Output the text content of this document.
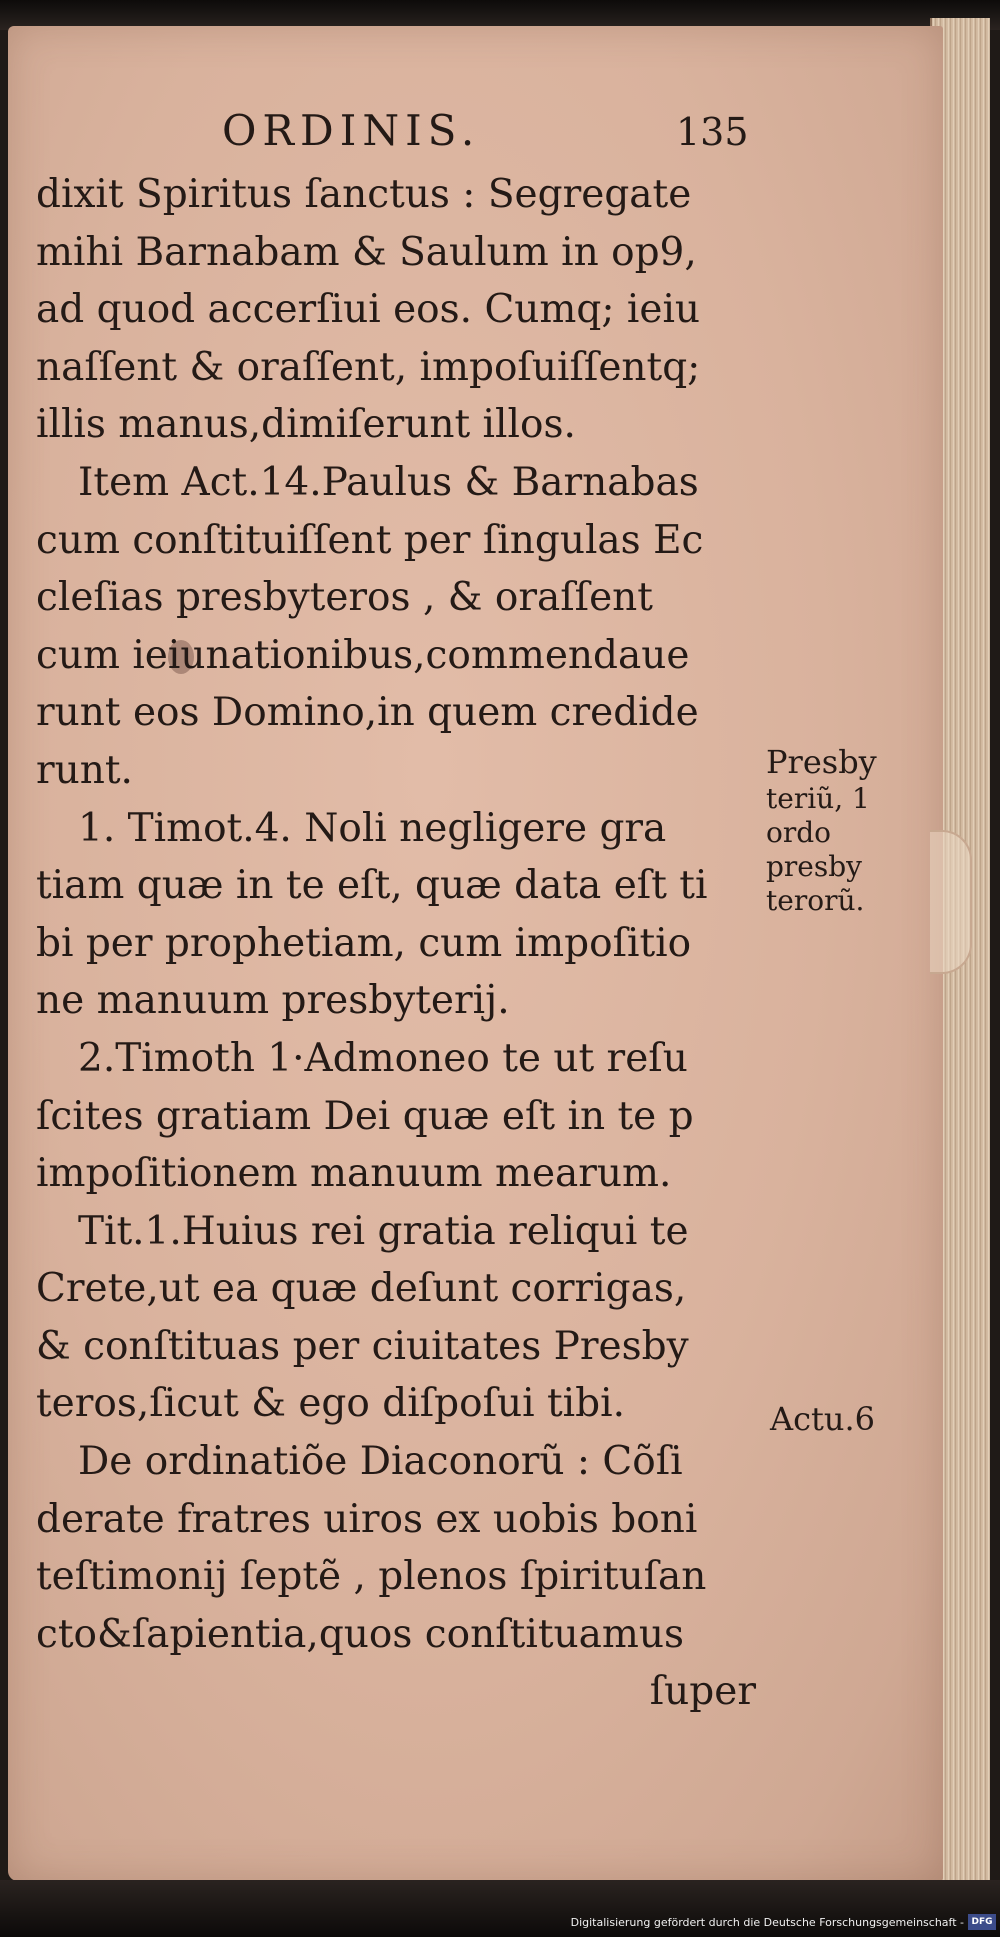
ORDINIS.	135
dixit Spiritus ſanctus : Segregate
mihi Barnabam & Saulum in op9,
ad quod accerſiui eos. Cumq; ieiu
naſſent & oraſſent, impoſuiſſentq;
illis manus,dimiſerunt illos.
Item Act.14.Paulus & Barnabas
cum conſtituiſſent per ſingulas Ec
cleſias presbyteros , & oraſſent
cum ieiunationibus,commendaue
runt eos Domino,in quem credide
runt.
1. Timot.4. Noli negligere gra
tiam quæ in te eſt, quæ data eſt ti
bi per prophetiam, cum impoſitio
ne manuum presbyterij.
2.Timoth 1·Admoneo te ut reſu
ſcites gratiam Dei quæ eſt in te p
impoſitionem manuum mearum.
Tit.1.Huius rei gratia reliqui te
Crete,ut ea quæ deſunt corrigas,
& conſtituas per ciuitates Presby
teros,ſicut & ego diſpoſui tibi.
De ordinatiõe Diaconorũ : Cõſi
derate fratres uiros ex uobis boni
teſtimonij ſeptẽ , plenos ſpirituſan
cto&ſapientia,quos conſtituamus
ſuper
Presby
teriũ, 1
ordo
presby
terorũ.
Actu.6
Digitalisierung gefördert durch die Deutsche Forschungsgemeinschaft - DFG
